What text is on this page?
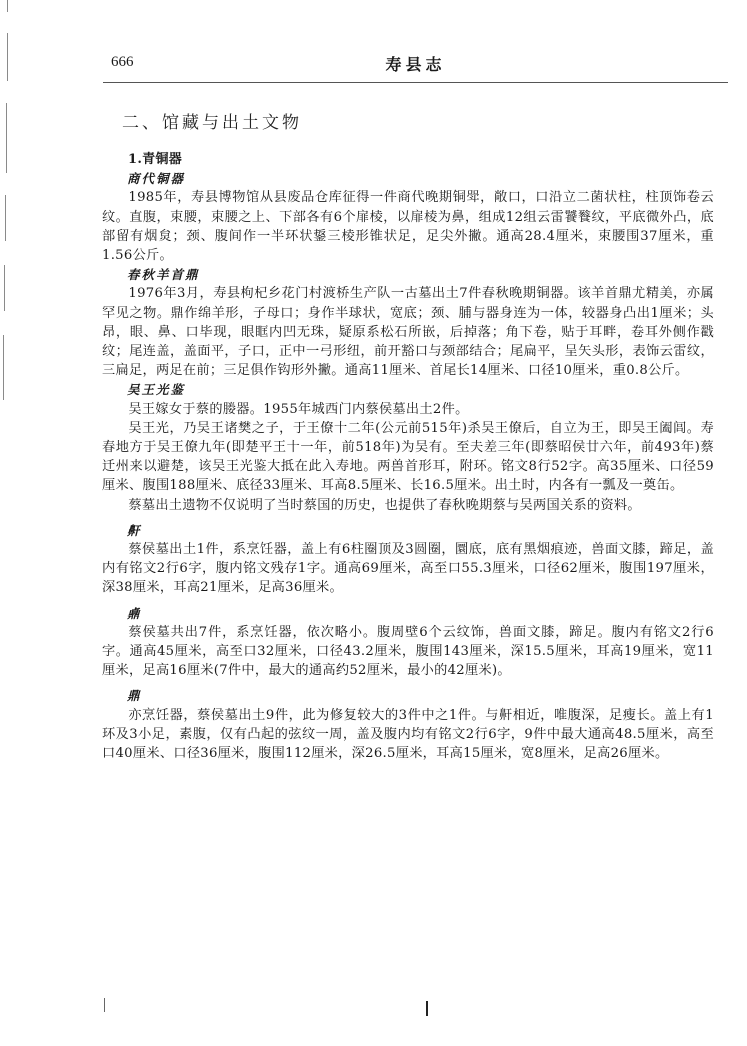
666	寿县志
二、馆藏与出土文物
1.青铜器
商代铜器

1985年，寿县博物馆从县废品仓库征得一件商代晚期铜斝，敞口，口沿立二菌状柱，柱顶饰卷云纹。直腹，束腰，束腰之上、下部各有6个扉棱，以扉棱为鼻，组成12组云雷饕餮纹，平底微外凸，底部留有烟炱；颈、腹间作一半环状鋬三棱形锥状足，足尖外撇。通高28.4厘米，束腰围37厘米，重1.56公斤。

春秋羊首鼎

1976年3月，寿县枸杞乡花门村渡桥生产队一古墓出土7件春秋晚期铜器。该羊首鼎尤精美，亦属罕见之物。鼎作绵羊形，子母口；身作半球状，宽底；颈、脯与器身连为一体，较器身凸出1厘米；头昂，眼、鼻、口毕现，眼眶内凹无珠，疑原系松石所嵌，后掉落；角下卷，贴于耳畔，卷耳外侧作戳纹；尾连盖，盖面平，子口，正中一弓形纽，前开豁口与颈部结合；尾扁平，呈矢头形，表饰云雷纹，三扁足，两足在前；三足俱作钩形外撇。通高11厘米、首尾长14厘米、口径10厘米，重0.8公斤。

吴王光鉴

吴王嫁女于蔡的媵器。1955年城西门内蔡侯墓出土2件。

吴王光，乃吴王诸樊之子，于王僚十二年(公元前515年)杀吴王僚后，自立为王，即吴王阖闾。寿春地方于吴王僚九年(即楚平王十一年，前518年)为吴有。至夫差三年(即蔡昭侯廿六年，前493年)蔡迁州来以避楚，该吴王光鉴大抵在此入寿地。两兽首形耳，附环。铭文8行52字。高35厘米、口径59厘米、腹围188厘米、底径33厘米、耳高8.5厘米、长16.5厘米。出土时，内各有一瓢及一奠缶。

蔡墓出土遗物不仅说明了当时蔡国的历史，也提供了春秋晚期蔡与吴两国关系的资料。

鼾

蔡侯墓出土1件，系烹饪器，盖上有6柱圈顶及3圆圈，圜底，底有黑烟痕迹，兽面文膝，蹄足，盖内有铭文2行6字，腹内铭文残存1字。通高69厘米，高至口55.3厘米，口径62厘米，腹围197厘米，深38厘米，耳高21厘米，足高36厘米。

鼑

蔡侯墓共出7件，系烹饪器，依次略小。腹周壁6个云纹饰，兽面文膝，蹄足。腹内有铭文2行6字。通高45厘米，高至口32厘米，口径43.2厘米，腹围143厘米，深15.5厘米，耳高19厘米，宽11厘米，足高16厘米(7件中，最大的通高约52厘米，最小的42厘米)。

鼎

亦烹饪器，蔡侯墓出土9件，此为修复较大的3件中之1件。与鼾相近，唯腹深，足瘦长。盖上有1环及3小足，素腹，仅有凸起的弦纹一周，盖及腹内均有铭文2行6字，9件中最大通高48.5厘米，高至口40厘米、口径36厘米，腹围112厘米，深26.5厘米，耳高15厘米，宽8厘米，足高26厘米。
